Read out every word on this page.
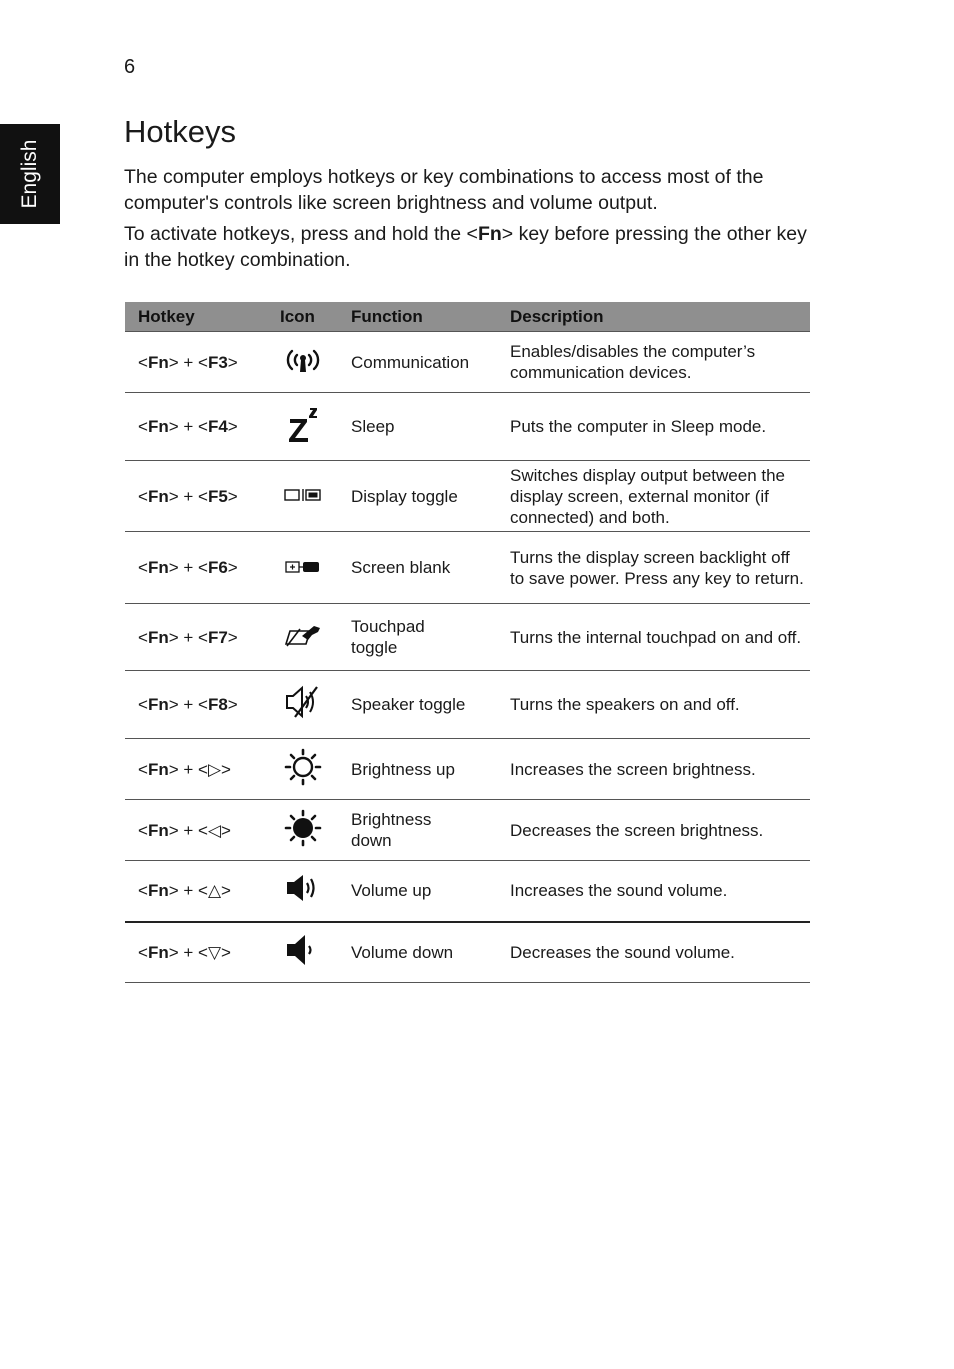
6
English
Hotkeys

The computer employs hotkeys or key combinations to access most of the computer's controls like screen brightness and volume output.

To activate hotkeys, press and hold the <Fn> key before pressing the other key in the hotkey combination.

Hotkey	Icon	Function	Description
<Fn> + <F3>		Communication	Enables/disables the computer’s communication devices.
<Fn> + <F4>		Sleep	Puts the computer in Sleep mode.
<Fn> + <F5>		Display toggle	Switches display output between the display screen, external monitor (if connected) and both.
<Fn> + <F6>		Screen blank	Turns the display screen backlight off to save power. Press any key to return.
<Fn> + <F7>		Touchpad toggle	Turns the internal touchpad on and off.
<Fn> + <F8>		Speaker toggle	Turns the speakers on and off.
<Fn> + <▷>		Brightness up	Increases the screen brightness.
<Fn> + <◁>		Brightness down	Decreases the screen brightness.
<Fn> + <△>		Volume up	Increases the sound volume.
<Fn> + <▽>		Volume down	Decreases the sound volume.
